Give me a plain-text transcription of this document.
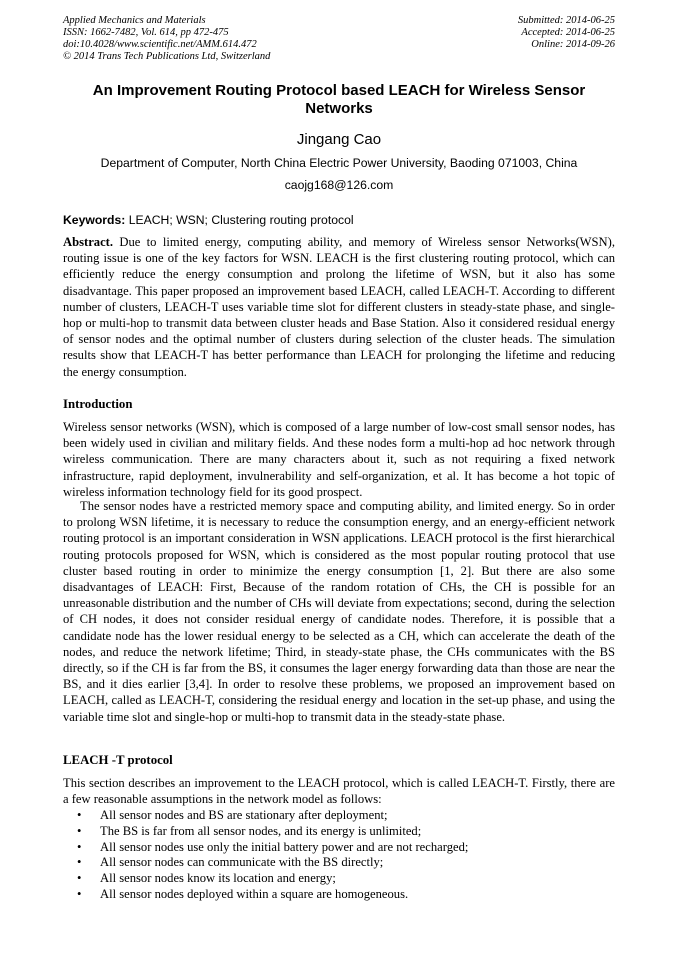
Applied Mechanics and Materials
ISSN: 1662-7482, Vol. 614, pp 472-475
doi:10.4028/www.scientific.net/AMM.614.472
© 2014 Trans Tech Publications Ltd, Switzerland
Submitted: 2014-06-25
Accepted: 2014-06-25
Online: 2014-09-26
An Improvement Routing Protocol based LEACH for Wireless Sensor
Networks
Jingang Cao
Department of Computer, North China Electric Power University, Baoding 071003, China
caojg168@126.com
Keywords: LEACH; WSN; Clustering routing protocol
Abstract. Due to limited energy, computing ability, and memory of Wireless sensor Networks(WSN), routing issue is one of the key factors for WSN. LEACH is the first clustering routing protocol, which can efficiently reduce the energy consumption and prolong the lifetime of WSN, but it also has some disadvantage. This paper proposed an improvement based LEACH, called LEACH-T. According to different number of clusters, LEACH-T uses variable time slot for different clusters in steady-state phase, and single-hop or multi-hop to transmit data between cluster heads and Base Station. Also it considered residual energy of sensor nodes and the optimal number of clusters during selection of the cluster heads. The simulation results show that LEACH-T has better performance than LEACH for prolonging the lifetime and reducing the energy consumption.
Introduction
Wireless sensor networks (WSN), which is composed of a large number of low-cost small sensor nodes, has been widely used in civilian and military fields. And these nodes form a multi-hop ad hoc network through wireless communication. There are many characters about it, such as not requiring a fixed network infrastructure, rapid deployment, invulnerability and self-organization, et al. It has become a hot topic of wireless information technology field for its good prospect.
The sensor nodes have a restricted memory space and computing ability, and limited energy. So in order to prolong WSN lifetime, it is necessary to reduce the consumption energy, and an energy-efficient network routing protocol is an important consideration in WSN applications. LEACH protocol is the first hierarchical routing protocols proposed for WSN, which is considered as the most popular routing protocol that use cluster based routing in order to minimize the energy consumption [1, 2]. But there are also some disadvantages of LEACH: First, Because of the random rotation of CHs, the CH is possible for an unreasonable distribution and the number of CHs will deviate from expectations; second, during the selection of CH nodes, it does not consider residual energy of candidate nodes. Therefore, it is possible that a candidate node has the lower residual energy to be selected as a CH, which can accelerate the death of the nodes, and reduce the network lifetime; Third, in steady-state phase, the CHs communicates with the BS directly, so if the CH is far from the BS, it consumes the lager energy forwarding data than those are near the BS, and it dies earlier [3,4]. In order to resolve these problems, we proposed an improvement based on LEACH, called as LEACH-T, considering the residual energy and location in the set-up phase, and using the variable time slot and single-hop or multi-hop to transmit data in the steady-state phase.
LEACH -T protocol
This section describes an improvement to the LEACH protocol, which is called LEACH-T. Firstly, there are a few reasonable assumptions in the network model as follows:
• All sensor nodes and BS are stationary after deployment;
• The BS is far from all sensor nodes, and its energy is unlimited;
• All sensor nodes use only the initial battery power and are not recharged;
• All sensor nodes can communicate with the BS directly;
• All sensor nodes know its location and energy;
• All sensor nodes deployed within a square are homogeneous.
